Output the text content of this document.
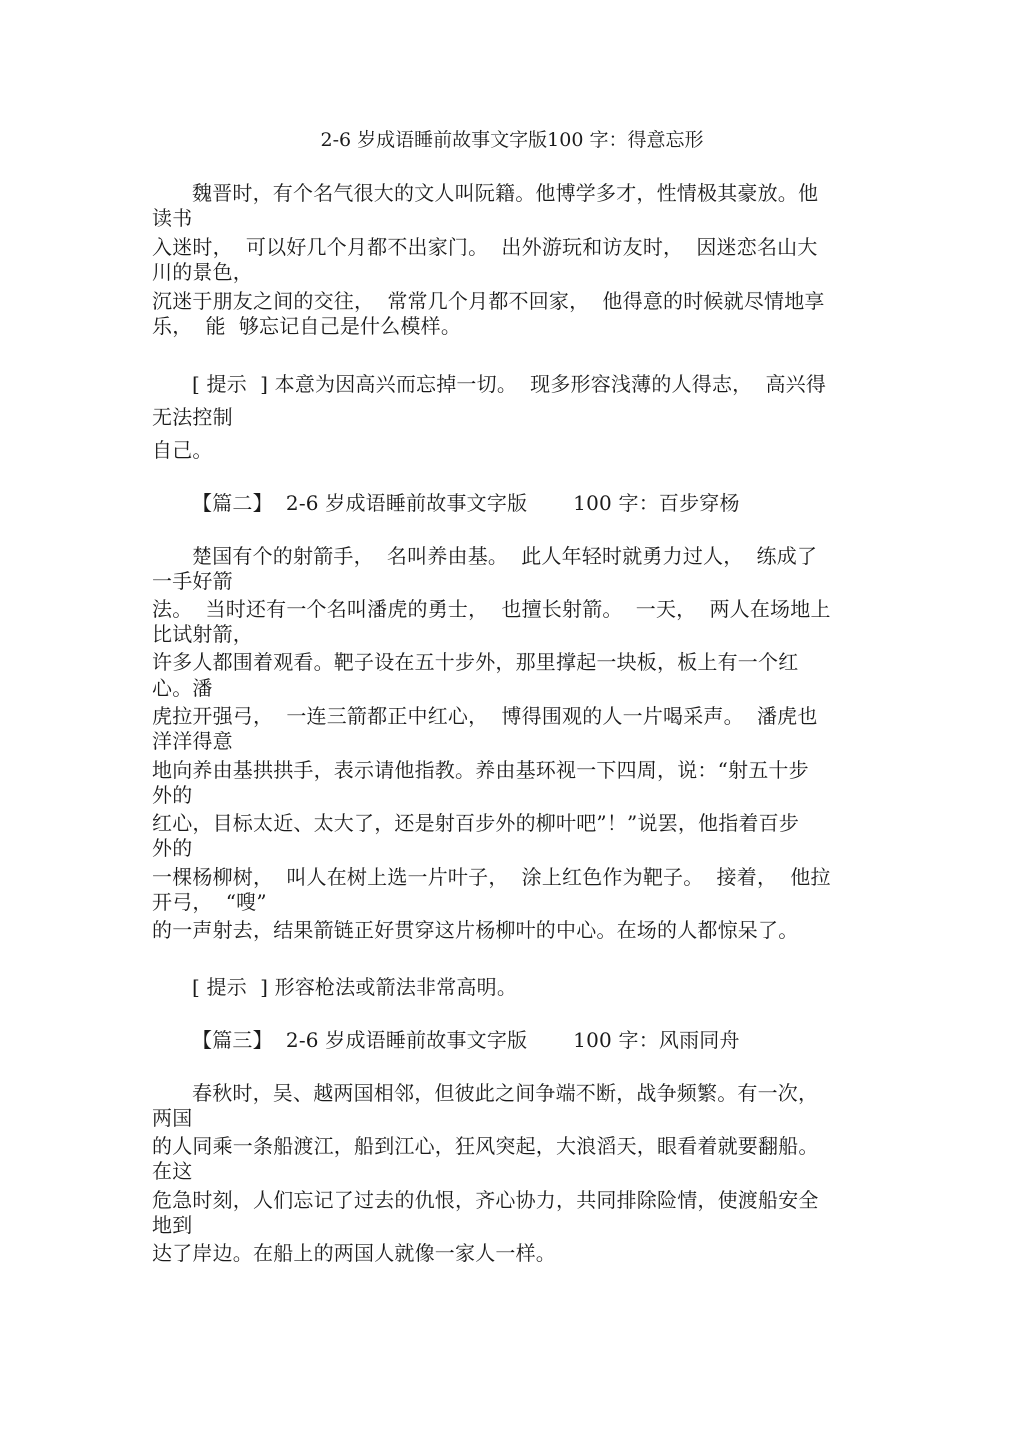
2-6 岁成语睡前故事文字版100 字：得意忘形
魏晋时，有个名气很大的文人叫阮籍。他博学多才，性情极其豪放。他
读书
入迷时，  可以好几个月都不出家门。  出外游玩和访友时，  因迷恋名山大
川的景色，
沉迷于朋友之间的交往，  常常几个月都不回家，  他得意的时候就尽情地享
乐，  能  够忘记自己是什么模样。
[ 提示  ] 本意为因高兴而忘掉一切。  现多形容浅薄的人得志，  高兴得
无法控制
自己。
【篇二】  2-6 岁成语睡前故事文字版       100 字：百步穿杨
楚国有个的射箭手，  名叫养由基。  此人年轻时就勇力过人，  练成了
一手好箭
法。  当时还有一个名叫潘虎的勇士，  也擅长射箭。  一天，  两人在场地上
比试射箭，
许多人都围着观看。靶子设在五十步外，那里撑起一块板，板上有一个红
心。潘
虎拉开强弓，  一连三箭都正中红心，  博得围观的人一片喝采声。  潘虎也
洋洋得意
地向养由基拱拱手，表示请他指教。养由基环视一下四周，说：“射五十步
外的
红心，目标太近、太大了，还是射百步外的柳叶吧”！”说罢，他指着百步
外的
一棵杨柳树，  叫人在树上选一片叶子，  涂上红色作为靶子。  接着，  他拉
开弓，  “嗖”
的一声射去，结果箭链正好贯穿这片杨柳叶的中心。在场的人都惊呆了。
[ 提示  ] 形容枪法或箭法非常高明。
【篇三】  2-6 岁成语睡前故事文字版       100 字：风雨同舟
春秋时，吴、越两国相邻，但彼此之间争端不断，战争频繁。有一次，
两国
的人同乘一条船渡江，船到江心，狂风突起，大浪滔天，眼看着就要翻船。
在这
危急时刻，人们忘记了过去的仇恨，齐心协力，共同排除险情，使渡船安全
地到
达了岸边。在船上的两国人就像一家人一样。
